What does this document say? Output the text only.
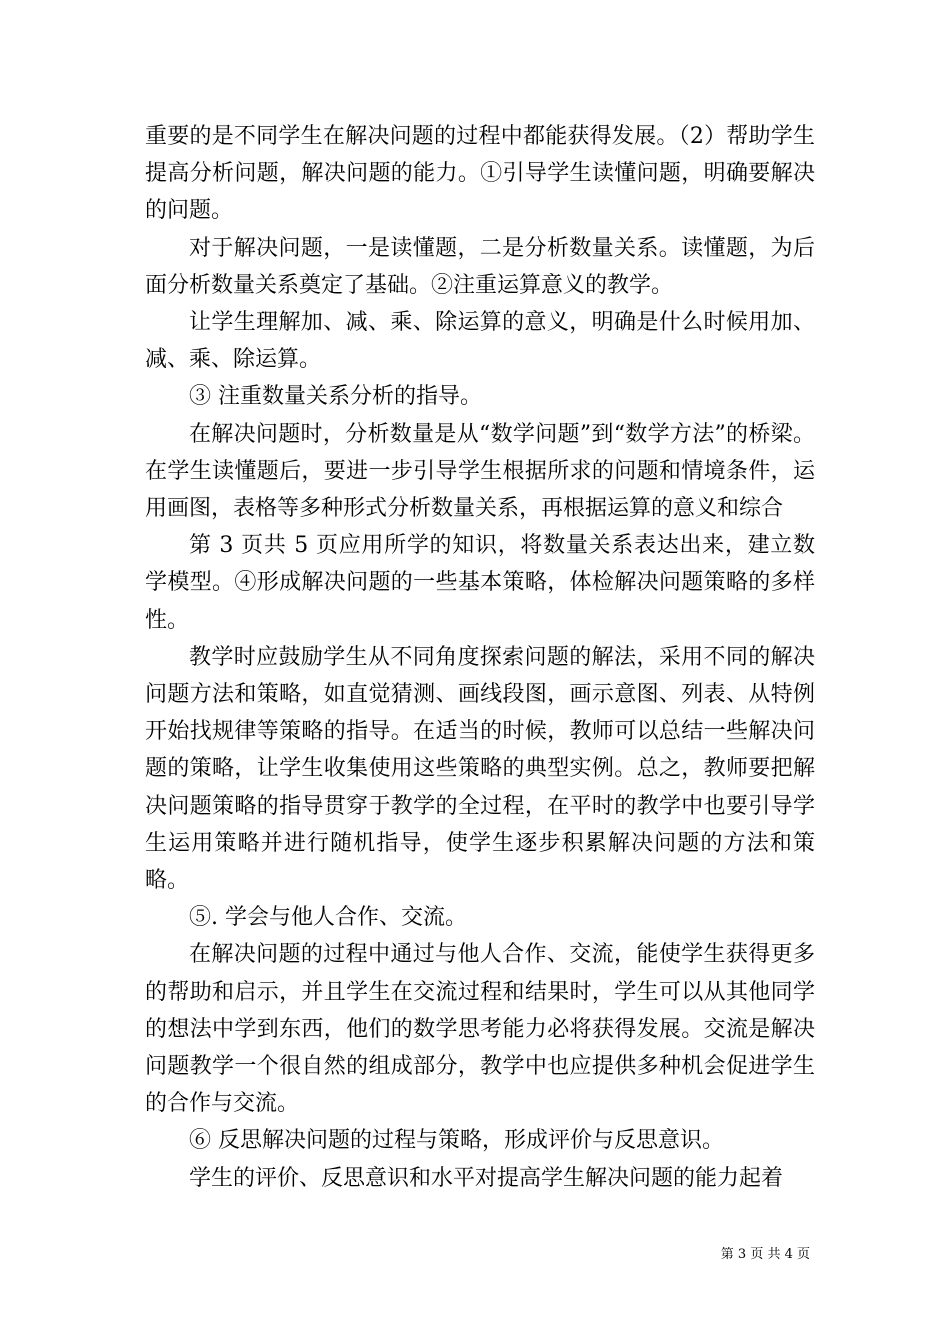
重要的是不同学生在解决问题的过程中都能获得发展。（2）帮助学生提高分析问题，解决问题的能力。①引导学生读懂问题，明确要解决的问题。

对于解决问题，一是读懂题，二是分析数量关系。读懂题，为后面分析数量关系奠定了基础。②注重运算意义的教学。

让学生理解加、减、乘、除运算的意义，明确是什么时候用加、减、乘、除运算。

③ 注重数量关系分析的指导。

在解决问题时，分析数量是从“数学问题”到“数学方法”的桥梁。在学生读懂题后，要进一步引导学生根据所求的问题和情境条件，运用画图，表格等多种形式分析数量关系，再根据运算的意义和综合

第 3 页共 5 页应用所学的知识，将数量关系表达出来，建立数学模型。④形成解决问题的一些基本策略，体检解决问题策略的多样性。

教学时应鼓励学生从不同角度探索问题的解法，采用不同的解决问题方法和策略，如直觉猜测、画线段图，画示意图、列表、从特例开始找规律等策略的指导。在适当的时候，教师可以总结一些解决问题的策略，让学生收集使用这些策略的典型实例。总之，教师要把解决问题策略的指导贯穿于教学的全过程，在平时的教学中也要引导学生运用策略并进行随机指导，使学生逐步积累解决问题的方法和策略。

⑤. 学会与他人合作、交流。

在解决问题的过程中通过与他人合作、交流，能使学生获得更多的帮助和启示，并且学生在交流过程和结果时，学生可以从其他同学的想法中学到东西，他们的数学思考能力必将获得发展。交流是解决问题教学一个很自然的组成部分，教学中也应提供多种机会促进学生的合作与交流。

⑥ 反思解决问题的过程与策略，形成评价与反思意识。

学生的评价、反思意识和水平对提高学生解决问题的能力起着

第 3 页 共 4 页
